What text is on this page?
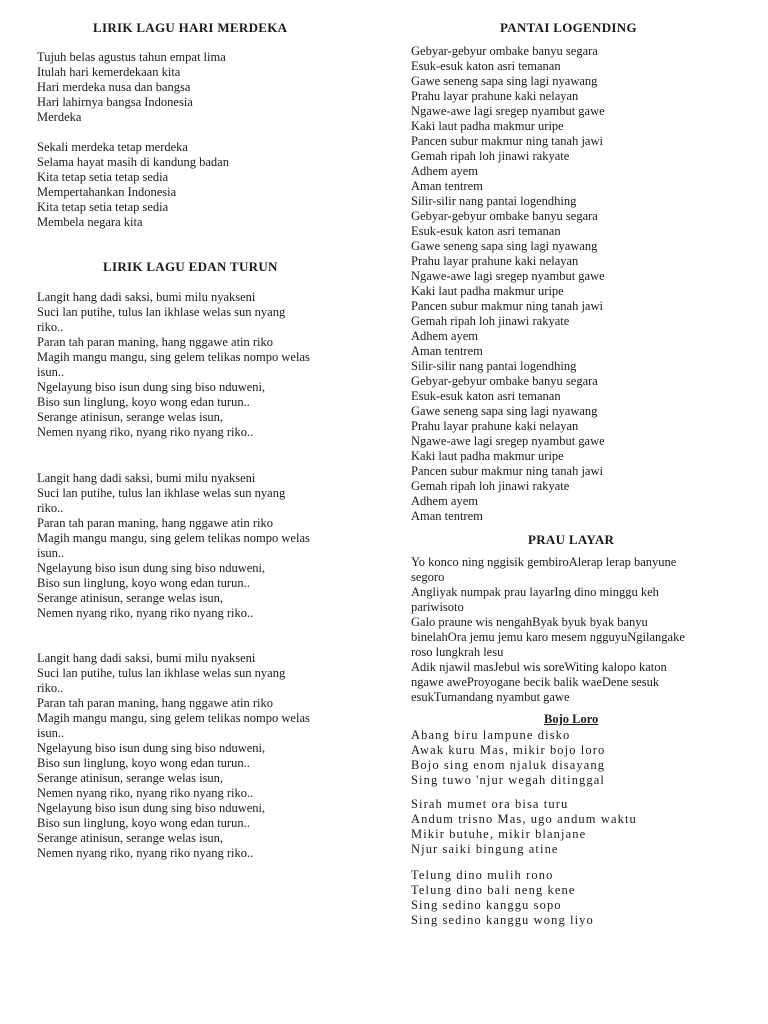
LIRIK LAGU HARI MERDEKA
Tujuh belas agustus tahun empat lima
Itulah hari kemerdekaan kita
Hari merdeka nusa dan bangsa
Hari lahirnya bangsa Indonesia
Merdeka
Sekali merdeka tetap merdeka
Selama hayat masih di kandung badan
Kita tetap setia tetap sedia
Mempertahankan Indonesia
Kita tetap setia tetap sedia
Membela negara kita
LIRIK LAGU EDAN TURUN
Langit hang dadi saksi, bumi milu nyakseni
Suci lan putihe, tulus lan ikhlase welas sun nyang
riko..
Paran tah paran maning, hang nggawe atin riko
Magih mangu mangu, sing gelem telikas nompo welas
isun..
Ngelayung biso isun dung sing biso nduweni,
Biso sun linglung, koyo wong edan turun..
Serange atinisun, serange welas isun,
Nemen nyang riko, nyang riko nyang riko..
Langit hang dadi saksi, bumi milu nyakseni
Suci lan putihe, tulus lan ikhlase welas sun nyang
riko..
Paran tah paran maning, hang nggawe atin riko
Magih mangu mangu, sing gelem telikas nompo welas
isun..
Ngelayung biso isun dung sing biso nduweni,
Biso sun linglung, koyo wong edan turun..
Serange atinisun, serange welas isun,
Nemen nyang riko, nyang riko nyang riko..
Langit hang dadi saksi, bumi milu nyakseni
Suci lan putihe, tulus lan ikhlase welas sun nyang
riko..
Paran tah paran maning, hang nggawe atin riko
Magih mangu mangu, sing gelem telikas nompo welas
isun..
Ngelayung biso isun dung sing biso nduweni,
Biso sun linglung, koyo wong edan turun..
Serange atinisun, serange welas isun,
Nemen nyang riko, nyang riko nyang riko..
Ngelayung biso isun dung sing biso nduweni,
Biso sun linglung, koyo wong edan turun..
Serange atinisun, serange welas isun,
Nemen nyang riko, nyang riko nyang riko..
PANTAI LOGENDING
Gebyar-gebyur ombake banyu segara
Esuk-esuk katon asri temanan
Gawe seneng sapa sing lagi nyawang
Prahu layar prahune kaki nelayan
Ngawe-awe lagi sregep nyambut gawe
Kaki laut padha makmur uripe
Pancen subur makmur ning tanah jawi
Gemah ripah loh jinawi rakyate
Adhem ayem
Aman tentrem
Silir-silir nang pantai logendhing
Gebyar-gebyur ombake banyu segara
Esuk-esuk katon asri temanan
Gawe seneng sapa sing lagi nyawang
Prahu layar prahune kaki nelayan
Ngawe-awe lagi sregep nyambut gawe
Kaki laut padha makmur uripe
Pancen subur makmur ning tanah jawi
Gemah ripah loh jinawi rakyate
Adhem ayem
Aman tentrem
Silir-silir nang pantai logendhing
Gebyar-gebyur ombake banyu segara
Esuk-esuk katon asri temanan
Gawe seneng sapa sing lagi nyawang
Prahu layar prahune kaki nelayan
Ngawe-awe lagi sregep nyambut gawe
Kaki laut padha makmur uripe
Pancen subur makmur ning tanah jawi
Gemah ripah loh jinawi rakyate
Adhem ayem
Aman tentrem
PRAU LAYAR
Yo konco ning nggisik gembiroAlerap lerap banyune
segoro
Angliyak numpak prau layarIng dino minggu keh
pariwisoto
Galo praune wis nengahByak byuk byak banyu
binelahOra jemu jemu karo mesem ngguyuNgilangake
roso lungkrah lesu
Adik njawil masJebul wis soreWiting kalopo katon
ngawe aweProyogane becik balik waeDene sesuk
esukTumandang nyambut gawe
Bojo Loro
Abang biru lampune disko
Awak kuru Mas, mikir bojo loro
Bojo sing enom njaluk disayang
Sing tuwo 'njur wegah ditinggal
Sirah mumet ora bisa turu
Andum trisno Mas, ugo andum waktu
Mikir butuhe, mikir blanjane
Njur saiki bingung atine
Telung dino mulih rono
Telung dino bali neng kene
Sing sedino kanggu sopo
Sing sedino kanggu wong liyo
